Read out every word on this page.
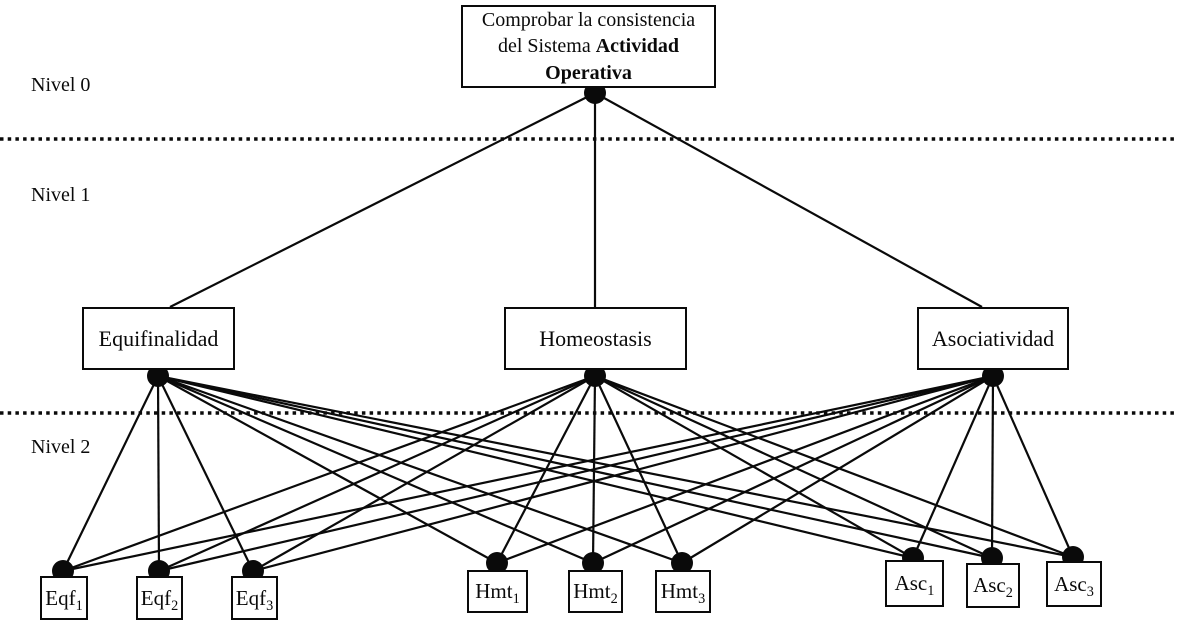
Nivel 0
Nivel 1
Nivel 2
Comprobar la consistencia del Sistema Actividad Operativa
Equifinalidad	Homeostasis	Asociatividad
Eqf$_1$	Eqf$_2$	Eqf$_3$
Hmt$_1$	Hmt$_2$ Hmt$_3$
Asc$_1$ Asc$_2$ Asc$_3$
